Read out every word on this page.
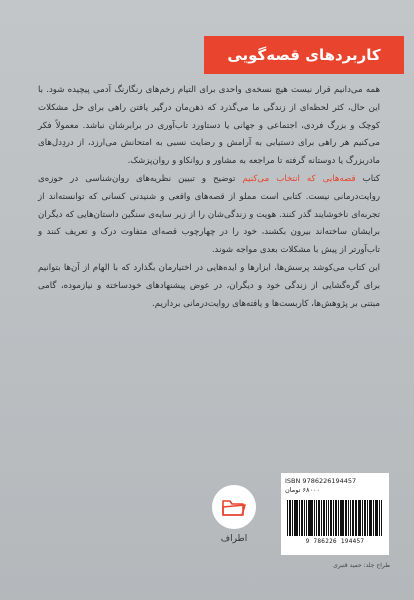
کاربردهای قصه‌گویی

همه می‌دانیم قرار نیست هیچ نسخه‌ی واحدی برای التیام زخم‌های رنگارنگ آدمی پیچیده شود. با این حال، کثر لحظه‌ای از زندگی ما می‌گذرد که ذهن‌مان درگیر یافتن راهی برای حل مشکلات کوچک و بزرگ فردی، اجتماعی و جهانی یا دستاورد تاب‌آوری در برابرشان نباشد. معمولاً فکر می‌کنیم هر راهی برای دستیابی به آرامش و رضایت نسبی به امتحانش می‌ارزد، از دردِدل‌های مادربزرگ یا دوستانه گرفته تا مراجعه به مشاور و روانکاو و روان‌پزشک.

کتاب قصه‌هایی که انتخاب می‌کنیم توضیح و تبیین نظریه‌های روان‌شناسی در حوزه‌ی روایت‌درمانی نیست. کتابی است مملو از قصه‌های واقعی و شنیدنی کسانی که توانسته‌اند از تجربه‌ای ناخوشایند گذر کنند. هویت و زندگی‌شان را از زیر سایه‌ی سنگین داستان‌هایی که دیگران برایشان ساخته‌اند بیرون بکشند، خود را در چهارچوب قصه‌ای متفاوت درک و تعریف کنند و تاب‌آورتر از پیش با مشکلات بعدی مواجه شوند.

این کتاب می‌کوشد پرسش‌ها، ابزارها و ایده‌هایی در اختیارمان بگذارد که با الهام از آن‌ها بتوانیم برای گره‌گشایی از زندگی خود و دیگران، در عوض پیشنهادهای خودساخته و نیازموده، گامی مبتنی بر پژوهش‌ها، کاربست‌ها و یافته‌های روایت‌درمانی برداریم.

اطراف
ISBN 9786226194457
۶۸۰۰۰ تومان
9 786226 194457
طراح جلد: حمید قنبری
